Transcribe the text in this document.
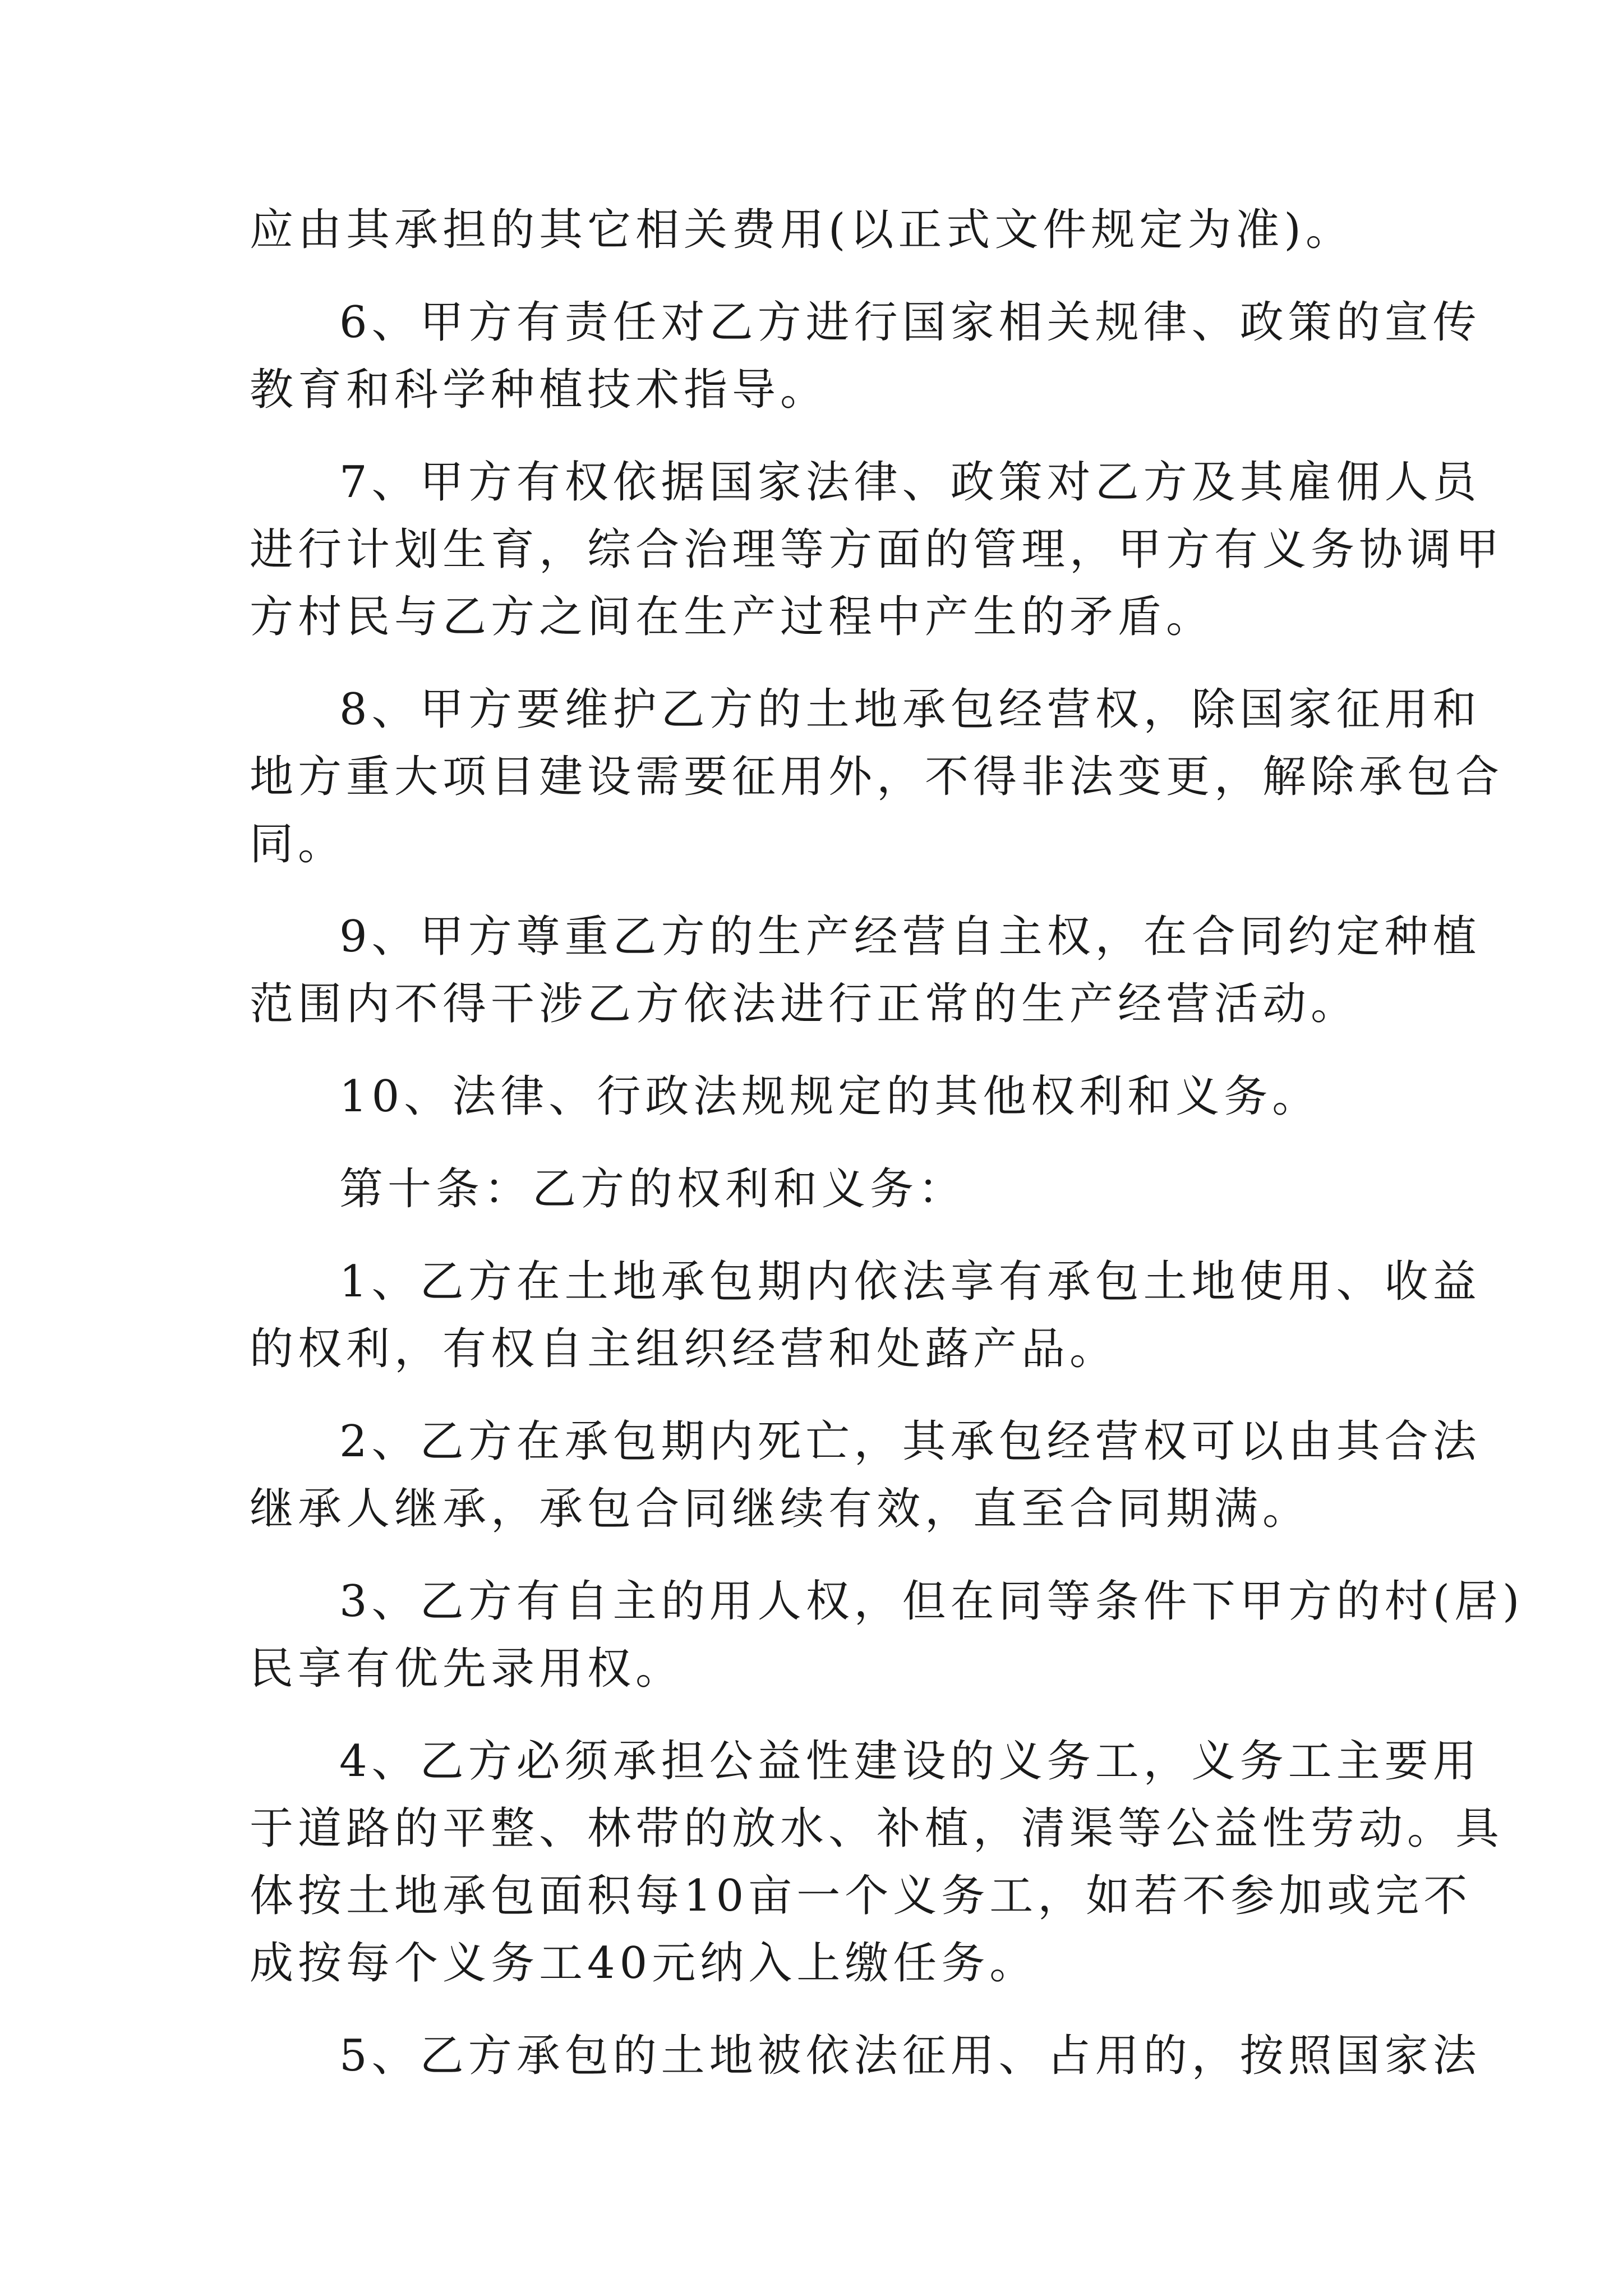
应由其承担的其它相关费用(以正式文件规定为准)。
6、甲方有责任对乙方进行国家相关规律、政策的宣传
教育和科学种植技术指导。
7、甲方有权依据国家法律、政策对乙方及其雇佣人员
进行计划生育，综合治理等方面的管理，甲方有义务协调甲
方村民与乙方之间在生产过程中产生的矛盾。
8、甲方要维护乙方的土地承包经营权，除国家征用和
地方重大项目建设需要征用外，不得非法变更，解除承包合
同。
9、甲方尊重乙方的生产经营自主权，在合同约定种植
范围内不得干涉乙方依法进行正常的生产经营活动。
10、法律、行政法规规定的其他权利和义务。
第十条：乙方的权利和义务：
1、乙方在土地承包期内依法享有承包土地使用、收益
的权利，有权自主组织经营和处蕗产品。
2、乙方在承包期内死亡，其承包经营权可以由其合法
继承人继承，承包合同继续有效，直至合同期满。
3、乙方有自主的用人权，但在同等条件下甲方的村(居)
民享有优先录用权。
4、乙方必须承担公益性建设的义务工，义务工主要用
于道路的平整、林带的放水、补植，清渠等公益性劳动。具
体按土地承包面积每10亩一个义务工，如若不参加或完不
成按每个义务工40元纳入上缴任务。
5、乙方承包的土地被依法征用、占用的，按照国家法
